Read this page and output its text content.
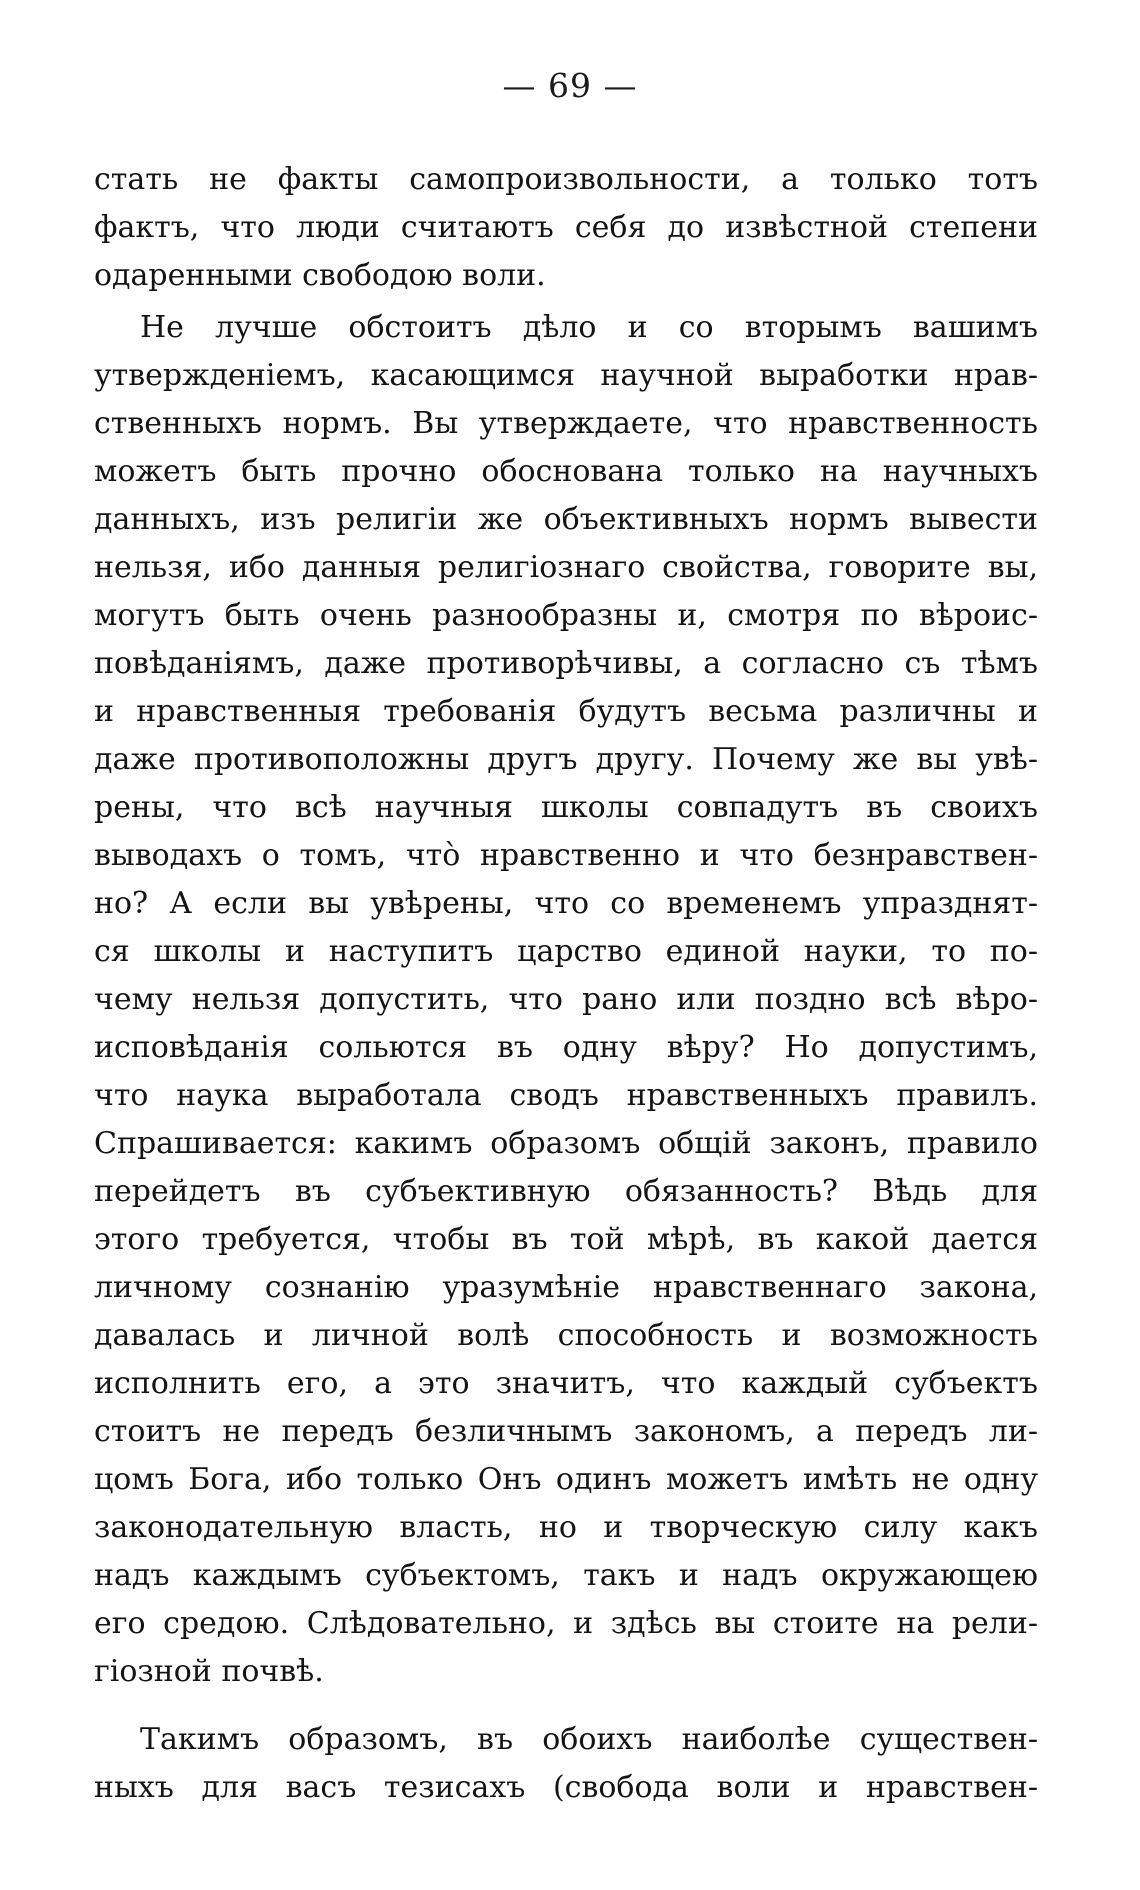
— 69 —
стать не факты самопроизвольности, а только тотъ
фактъ, что люди считаютъ себя до извѣстной степени
одаренными свободою воли.
Не лучше обстоитъ дѣло и со вторымъ вашимъ
утвержденіемъ, касающимся научной выработки нрав-
ственныхъ нормъ. Вы утверждаете, что нравственность
можетъ быть прочно обоснована только на научныхъ
данныхъ, изъ религіи же объективныхъ нормъ вывести
нельзя, ибо данныя религіознаго свойства, говорите вы,
могутъ быть очень разнообразны и, смотря по вѣроис-
повѣданіямъ, даже противорѣчивы, а согласно съ тѣмъ
и нравственныя требованія будутъ весьма различны и
даже противоположны другъ другу. Почему же вы увѣ-
рены, что всѣ научныя школы совпадутъ въ своихъ
выводахъ о томъ, что̀ нравственно и что безнравствен-
но? А если вы увѣрены, что со временемъ упразднят-
ся школы и наступитъ царство единой науки, то по-
чему нельзя допустить, что рано или поздно всѣ вѣро-
исповѣданія сольются въ одну вѣру? Но допустимъ,
что наука выработала сводъ нравственныхъ правилъ.
Спрашивается: какимъ образомъ общій законъ, правило
перейдетъ въ субъективную обязанность? Вѣдь для
этого требуется, чтобы въ той мѣрѣ, въ какой дается
личному сознанію уразумѣніе нравственнаго закона,
давалась и личной волѣ способность и возможность
исполнить его, а это значитъ, что каждый субъектъ
стоитъ не передъ безличнымъ закономъ, а передъ ли-
цомъ Бога, ибо только Онъ одинъ можетъ имѣть не одну
законодательную власть, но и творческую силу какъ
надъ каждымъ субъектомъ, такъ и надъ окружающею
его средою. Слѣдовательно, и здѣсь вы стоите на рели-
гіозной почвѣ.
Такимъ образомъ, въ обоихъ наиболѣе существен-
ныхъ для васъ тезисахъ (свобода воли и нравствен-
